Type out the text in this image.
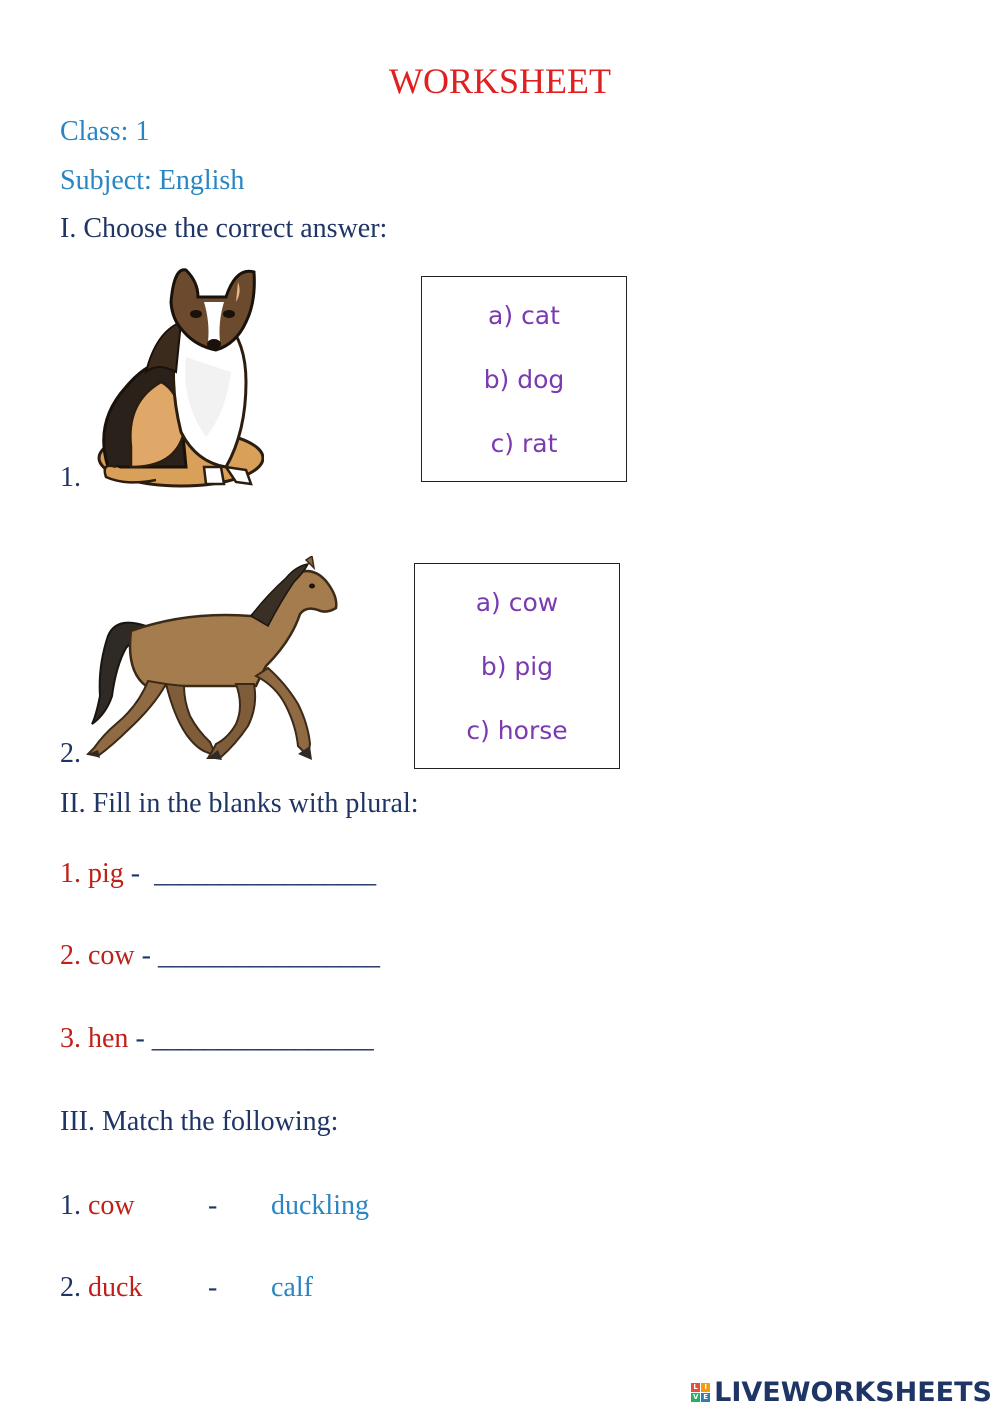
WORKSHEET
Class: 1
Subject: English
I. Choose the correct answer:
1.
a) cat
b) dog
c) rat
2.
a) cow
b) pig
c) horse
II. Fill in the blanks with plural:
1. pig -  _________________
2. cow - _________________
3. hen - _________________
III. Match the following:
1. cow	- duckling
2. duck - calf
L I
V E LIVEWORKSHEETS
